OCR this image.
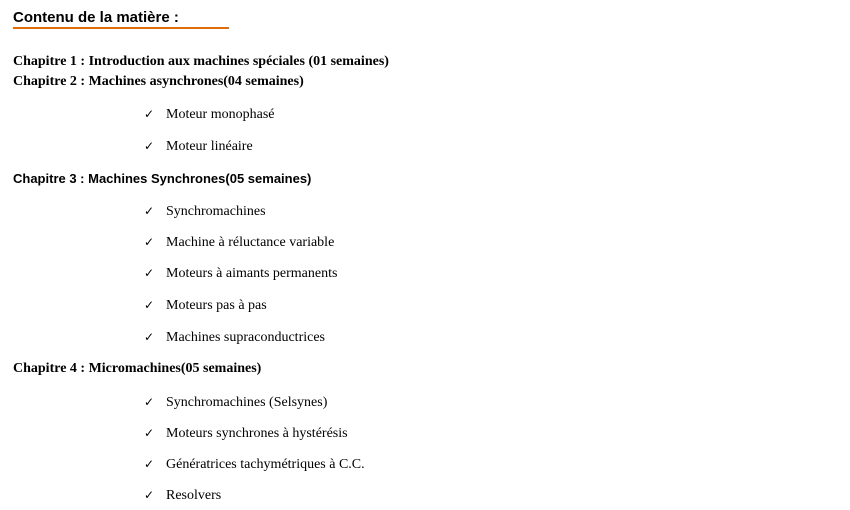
Contenu de la matière :
Chapitre 1 : Introduction aux machines spéciales (01 semaines)
Chapitre 2 : Machines asynchrones(04 semaines)
✓ Moteur monophasé
✓ Moteur linéaire
Chapitre 3 : Machines Synchrones(05 semaines)
✓ Synchromachines
✓ Machine à réluctance variable
✓ Moteurs à aimants permanents
✓ Moteurs pas à pas
✓ Machines supraconductrices
Chapitre 4 : Micromachines(05 semaines)
✓ Synchromachines (Selsynes)
✓ Moteurs synchrones à hystérésis
✓ Génératrices tachymétriques à C.C.
✓ Resolvers
